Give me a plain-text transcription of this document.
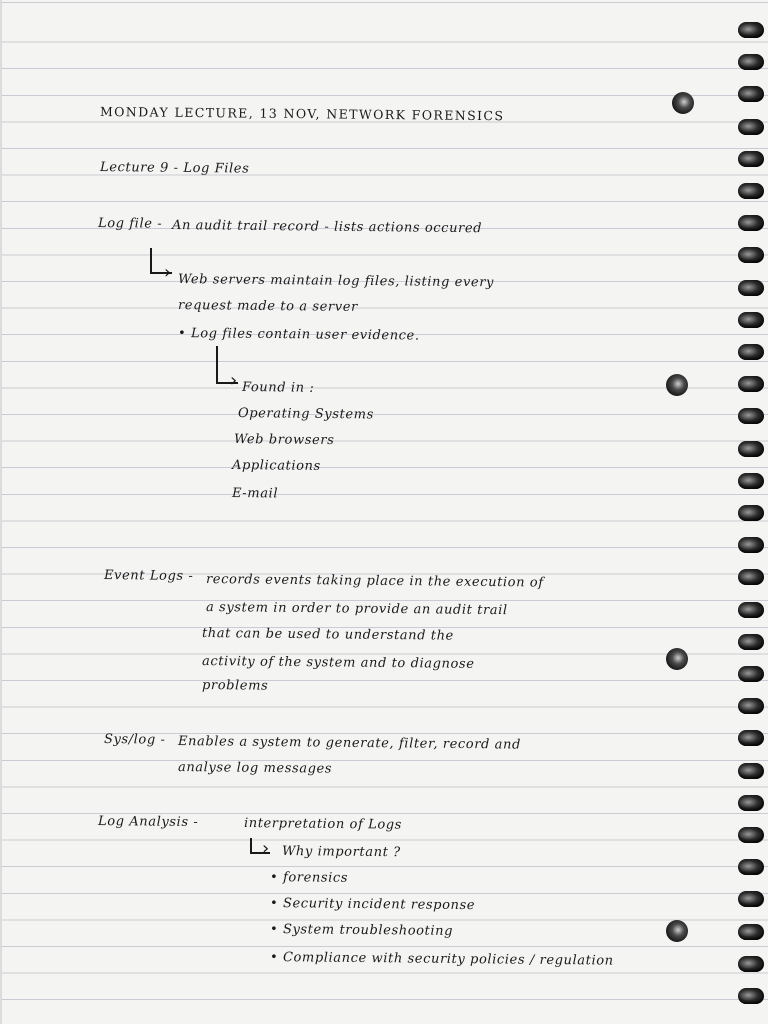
MONDAY LECTURE, 13 NOV, NETWORK FORENSICS
Lecture 9 - Log Files
Log file - An audit trail record - lists actions occured
› Web servers maintain log files, listing every
request made to a server
• Log files contain user evidence.
› Found in :
Operating Systems
Web browsers
Applications
E-mail
Event Logs - records events taking place in the execution of
a system in order to provide an audit trail
that can be used to understand the
activity of the system and to diagnose
problems
Sys/log - Enables a system to generate, filter, record and
analyse log messages
Log Analysis -	interpretation of Logs
› Why important ?
• forensics
• Security incident response
• System troubleshooting
• Compliance with security policies / regulation
